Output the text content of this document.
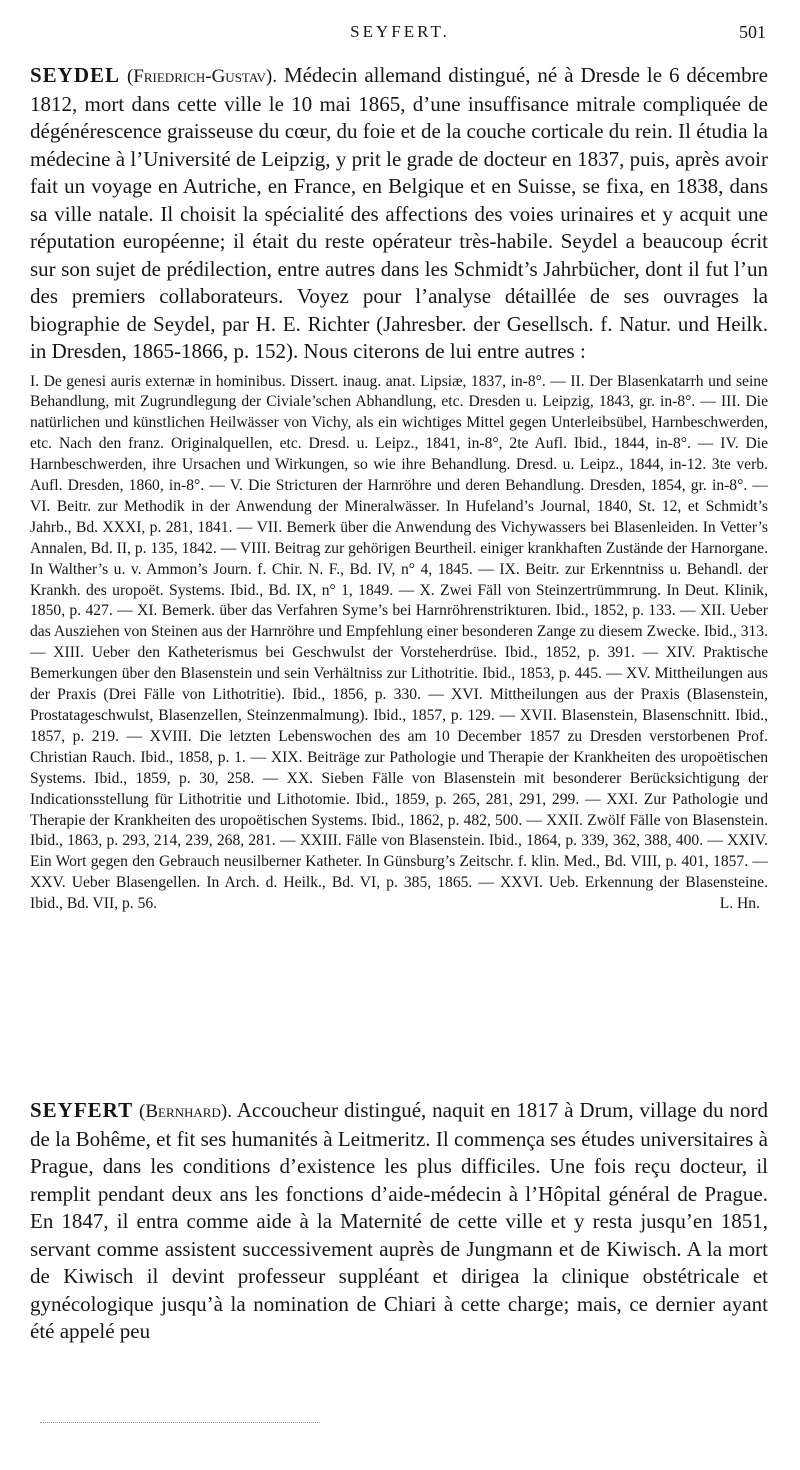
SEYFERT.	501

SEYDEL (Friedrich-Gustav). Médecin allemand distingué, né à Dresde le 6 décembre 1812, mort dans cette ville le 10 mai 1865, d’une insuffisance mitrale compliquée de dégénérescence graisseuse du cœur, du foie et de la couche corticale du rein. Il étudia la médecine à l’Université de Leipzig, y prit le grade de docteur en 1837, puis, après avoir fait un voyage en Autriche, en France, en Belgique et en Suisse, se fixa, en 1838, dans sa ville natale. Il choisit la spécialité des affections des voies urinaires et y acquit une réputation européenne; il était du reste opérateur très-habile. Seydel a beaucoup écrit sur son sujet de prédilection, entre autres dans les Schmidt’s Jahrbücher, dont il fut l’un des premiers collaborateurs. Voyez pour l’analyse détaillée de ses ouvrages la biographie de Seydel, par H. E. Richter (Jahresber. der Gesellsch. f. Natur. und Heilk. in Dresden, 1865-1866, p. 152). Nous citerons de lui entre autres :

I. De genesi auris externæ in hominibus. Dissert. inaug. anat. Lipsiæ, 1837, in-8°. — II. Der Blasenkatarrh und seine Behandlung, mit Zugrundlegung der Civiale’schen Abhandlung, etc. Dresden u. Leipzig, 1843, gr. in-8°. — III. Die natürlichen und künstlichen Heilwässer von Vichy, als ein wichtiges Mittel gegen Unterleibsübel, Harnbeschwerden, etc. Nach den franz. Originalquellen, etc. Dresd. u. Leipz., 1841, in-8°, 2te Aufl. Ibid., 1844, in-8°. — IV. Die Harnbeschwerden, ihre Ursachen und Wirkungen, so wie ihre Behandlung. Dresd. u. Leipz., 1844, in-12. 3te verb. Aufl. Dresden, 1860, in-8°. — V. Die Stricturen der Harnröhre und deren Behandlung. Dresden, 1854, gr. in-8°. — VI. Beitr. zur Methodik in der Anwendung der Mineralwässer. In Hufeland’s Journal, 1840, St. 12, et Schmidt’s Jahrb., Bd. XXXI, p. 281, 1841. — VII. Bemerk über die Anwendung des Vichywassers bei Blasenleiden. In Vetter’s Annalen, Bd. II, p. 135, 1842. — VIII. Beitrag zur gehörigen Beurtheil. einiger krankhaften Zustände der Harnorgane. In Walther’s u. v. Ammon’s Journ. f. Chir. N. F., Bd. IV, n° 4, 1845. — IX. Beitr. zur Erkenntniss u. Behandl. der Krankh. des uropoët. Systems. Ibid., Bd. IX, n° 1, 1849. — X. Zwei Fäll von Steinzertrümmrung. In Deut. Klinik, 1850, p. 427. — XI. Bemerk. über das Verfahren Syme’s bei Harnröhrenstrikturen. Ibid., 1852, p. 133. — XII. Ueber das Ausziehen von Steinen aus der Harnröhre und Empfehlung einer besonderen Zange zu diesem Zwecke. Ibid., 313. — XIII. Ueber den Katheterismus bei Geschwulst der Vorsteherdrüse. Ibid., 1852, p. 391. — XIV. Praktische Bemerkungen über den Blasenstein und sein Verhältniss zur Lithotritie. Ibid., 1853, p. 445. — XV. Mittheilungen aus der Praxis (Drei Fälle von Lithotritie). Ibid., 1856, p. 330. — XVI. Mittheilungen aus der Praxis (Blasenstein, Prostatageschwulst, Blasenzellen, Steinzenmalmung). Ibid., 1857, p. 129. — XVII. Blasenstein, Blasenschnitt. Ibid., 1857, p. 219. — XVIII. Die letzten Lebenswochen des am 10 December 1857 zu Dresden verstorbenen Prof. Christian Rauch. Ibid., 1858, p. 1. — XIX. Beiträge zur Pathologie und Therapie der Krankheiten des uropoëtischen Systems. Ibid., 1859, p. 30, 258. — XX. Sieben Fälle von Blasenstein mit besonderer Berücksichtigung der Indicationsstellung für Lithotritie und Lithotomie. Ibid., 1859, p. 265, 281, 291, 299. — XXI. Zur Pathologie und Therapie der Krankheiten des uropoëtischen Systems. Ibid., 1862, p. 482, 500. — XXII. Zwölf Fälle von Blasenstein. Ibid., 1863, p. 293, 214, 239, 268, 281. — XXIII. Fälle von Blasenstein. Ibid., 1864, p. 339, 362, 388, 400. — XXIV. Ein Wort gegen den Gebrauch neusilberner Katheter. In Günsburg’s Zeitschr. f. klin. Med., Bd. VIII, p. 401, 1857. — XXV. Ueber Blasengellen. In Arch. d. Heilk., Bd. VI, p. 385, 1865. — XXVI. Ueb. Erkennung der Blasensteine. Ibid., Bd. VII, p. 56.	L. Hn.

SEYFERT (Bernhard). Accoucheur distingué, naquit en 1817 à Drum, village du nord de la Bohême, et fit ses humanités à Leitmeritz. Il commença ses études universitaires à Prague, dans les conditions d’existence les plus difficiles. Une fois reçu docteur, il remplit pendant deux ans les fonctions d’aide-médecin à l’Hôpital général de Prague. En 1847, il entra comme aide à la Maternité de cette ville et y resta jusqu’en 1851, servant comme assistent successivement auprès de Jungmann et de Kiwisch. A la mort de Kiwisch il devint professeur suppléant et dirigea la clinique obstétricale et gynécologique jusqu’à la nomination de Chiari à cette charge; mais, ce dernier ayant été appelé peu
